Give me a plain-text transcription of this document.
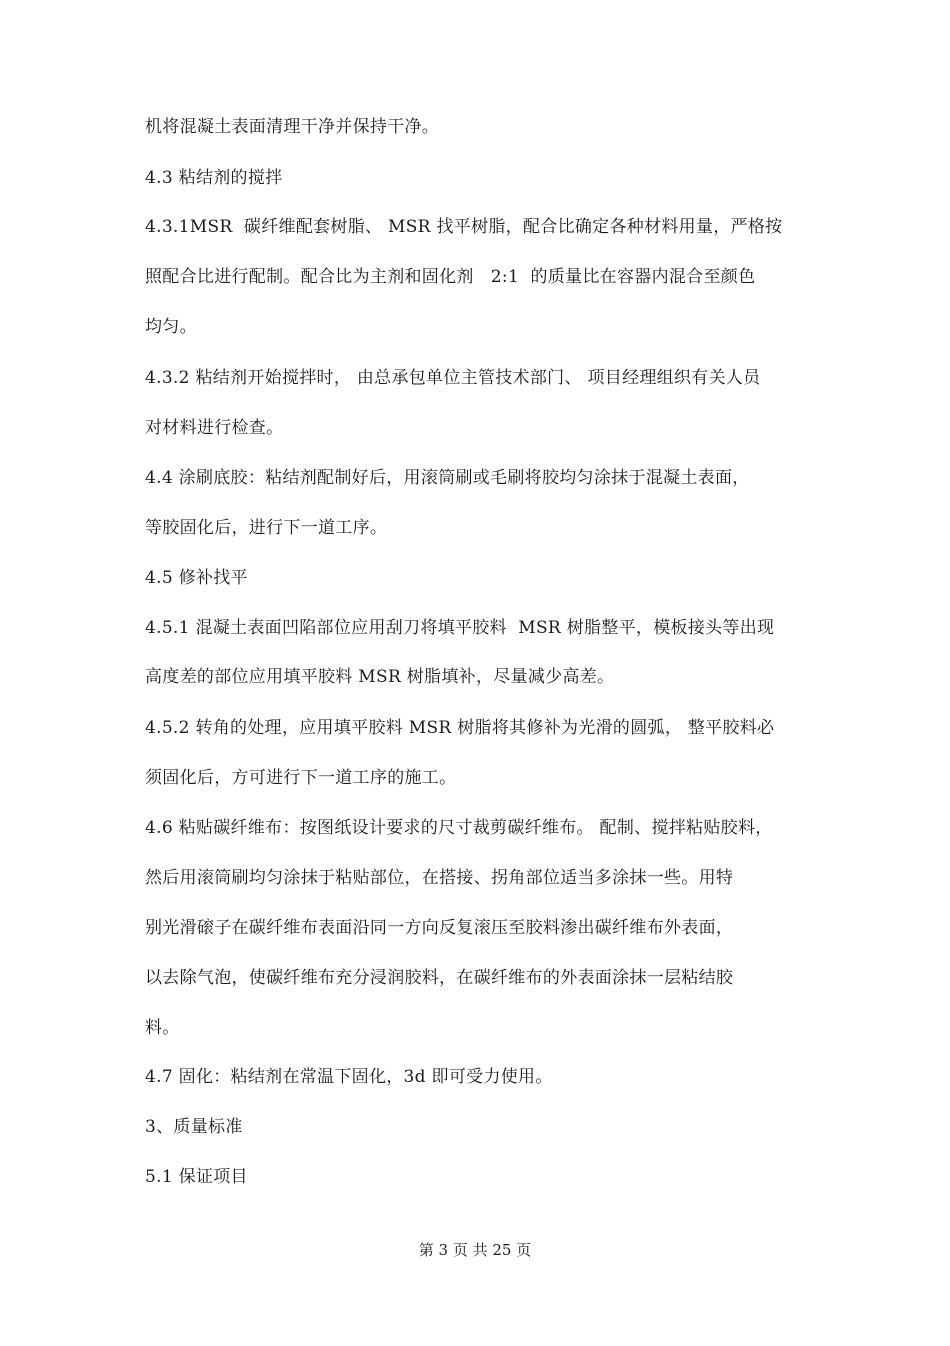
机将混凝土表面清理干净并保持干净。
4.3 粘结剂的搅拌
4.3.1MSR  碳纤维配套树脂、 MSR 找平树脂，配合比确定各种材料用量，严格按
照配合比进行配制。配合比为主剂和固化剂   2:1  的质量比在容器内混合至颜色
均匀。
4.3.2 粘结剂开始搅拌时， 由总承包单位主管技术部门、 项目经理组织有关人员
对材料进行检查。
4.4 涂刷底胶：粘结剂配制好后，用滚筒刷或毛刷将胶均匀涂抹于混凝土表面，
等胶固化后，进行下一道工序。
4.5 修补找平
4.5.1 混凝土表面凹陷部位应用刮刀将填平胶料  MSR 树脂整平，模板接头等出现
高度差的部位应用填平胶料 MSR 树脂填补，尽量减少高差。
4.5.2 转角的处理，应用填平胶料 MSR 树脂将其修补为光滑的圆弧， 整平胶料必
须固化后，方可进行下一道工序的施工。
4.6 粘贴碳纤维布：按图纸设计要求的尺寸裁剪碳纤维布。 配制、搅拌粘贴胶料，
然后用滚筒刷均匀涂抹于粘贴部位，在搭接、拐角部位适当多涂抹一些。用特
别光滑磙子在碳纤维布表面沿同一方向反复滚压至胶料渗出碳纤维布外表面，
以去除气泡，使碳纤维布充分浸润胶料，在碳纤维布的外表面涂抹一层粘结胶
料。
4.7 固化：粘结剂在常温下固化，3d 即可受力使用。
3、质量标准
5.1 保证项目
第 3 页 共 25 页
